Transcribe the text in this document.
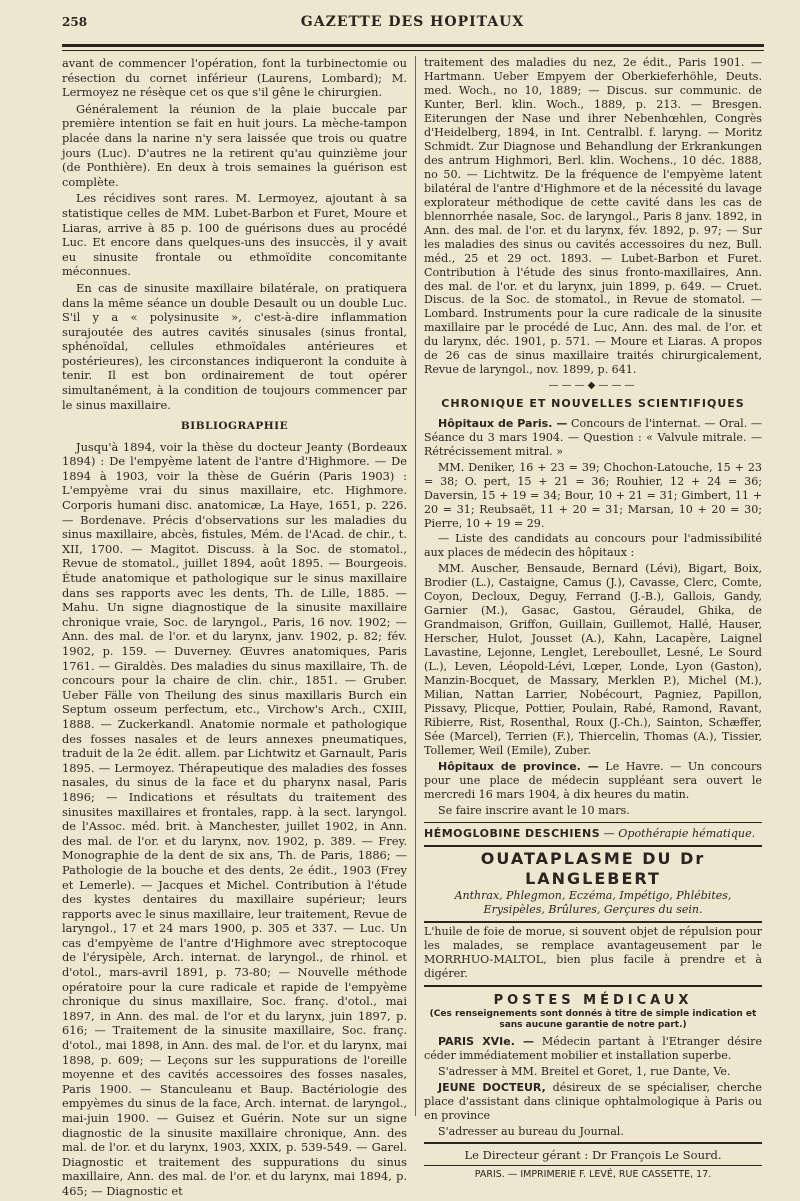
258	GAZETTE DES HOPITAUX

avant de commencer l'opération, font la turbinectomie ou résection du cornet inférieur (Laurens, Lombard); M. Lermoyez ne résèque cet os que s'il gêne le chirurgien.

Généralement la réunion de la plaie buccale par première intention se fait en huit jours. La mèche-tampon placée dans la narine n'y sera laissée que trois ou quatre jours (Luc). D'autres ne la retirent qu'au quinzième jour (de Ponthière). En deux à trois semaines la guérison est complète.

Les récidives sont rares. M. Lermoyez, ajoutant à sa statistique celles de MM. Lubet-Barbon et Furet, Moure et Liaras, arrive à 85 p. 100 de guérisons dues au procédé Luc. Et encore dans quelques-uns des insuccès, il y avait eu sinusite frontale ou ethmoïdite concomitante méconnues.

En cas de sinusite maxillaire bilatérale, on pratiquera dans la même séance un double Desault ou un double Luc. S'il y a « polysinusite », c'est-à-dire inflammation surajoutée des autres cavités sinusales (sinus frontal, sphénoïdal, cellules ethmoïdales antérieures et postérieures), les circonstances indiqueront la conduite à tenir. Il est bon ordinairement de tout opérer simultanément, à la condition de toujours commencer par le sinus maxillaire.

BIBLIOGRAPHIE

Jusqu'à 1894, voir la thèse du docteur Jeanty (Bordeaux 1894) : De l'empyème latent de l'antre d'Highmore. — De 1894 à 1903, voir la thèse de Guérin (Paris 1903) : L'empyème vrai du sinus maxillaire, etc. Highmore. Corporis humani disc. anatomicæ, La Haye, 1651, p. 226. — Bordenave. Précis d'observations sur les maladies du sinus maxillaire, abcès, fistules, Mém. de l'Acad. de chir., t. XII, 1700. — Magitot. Discuss. à la Soc. de stomatol., Revue de stomatol., juillet 1894, août 1895. — Bourgeois. Étude anatomique et pathologique sur le sinus maxillaire dans ses rapports avec les dents, Th. de Lille, 1885. — Mahu. Un signe diagnostique de la sinusite maxillaire chronique vraie, Soc. de laryngol., Paris, 16 nov. 1902; — Ann. des mal. de l'or. et du larynx, janv. 1902, p. 82; fév. 1902, p. 159. — Duverney. Œuvres anatomiques, Paris 1761. — Giraldès. Des maladies du sinus maxillaire, Th. de concours pour la chaire de clin. chir., 1851. — Gruber. Ueber Fälle von Theilung des sinus maxillaris Burch ein Septum osseum perfectum, etc., Virchow's Arch., CXIII, 1888. — Zuckerkandl. Anatomie normale et pathologique des fosses nasales et de leurs annexes pneumatiques, traduit de la 2e édit. allem. par Lichtwitz et Garnault, Paris 1895. — Lermoyez. Thérapeutique des maladies des fosses nasales, du sinus de la face et du pharynx nasal, Paris 1896; — Indications et résultats du traitement des sinusites maxillaires et frontales, rapp. à la sect. laryngol. de l'Assoc. méd. brit. à Manchester, juillet 1902, in Ann. des mal. de l'or. et du larynx, nov. 1902, p. 389. — Frey. Monographie de la dent de six ans, Th. de Paris, 1886; — Pathologie de la bouche et des dents, 2e édit., 1903 (Frey et Lemerle). — Jacques et Michel. Contribution à l'étude des kystes dentaires du maxillaire supérieur; leurs rapports avec le sinus maxillaire, leur traitement, Revue de laryngol., 17 et 24 mars 1900, p. 305 et 337. — Luc. Un cas d'empyème de l'antre d'Highmore avec streptocoque de l'érysipèle, Arch. internat. de laryngol., de rhinol. et d'otol., mars-avril 1891, p. 73-80; — Nouvelle méthode opératoire pour la cure radicale et rapide de l'empyème chronique du sinus maxillaire, Soc. franç. d'otol., mai 1897, in Ann. des mal. de l'or et du larynx, juin 1897, p. 616; — Traitement de la sinusite maxillaire, Soc. franç. d'otol., mai 1898, in Ann. des mal. de l'or. et du larynx, mai 1898, p. 609; — Leçons sur les suppurations de l'oreille moyenne et des cavités accessoires des fosses nasales, Paris 1900. — Stanculeanu et Baup. Bactériologie des empyèmes du sinus de la face, Arch. internat. de laryngol., mai-juin 1900. — Guisez et Guérin. Note sur un signe diagnostic de la sinusite maxillaire chronique, Ann. des mal. de l'or. et du larynx, 1903, XXIX, p. 539-549. — Garel. Diagnostic et traitement des suppurations du sinus maxillaire, Ann. des mal. de l'or. et du larynx, mai 1894, p. 465; — Diagnostic et

traitement des maladies du nez, 2e édit., Paris 1901. — Hartmann. Ueber Empyem der Oberkieferhöhle, Deuts. med. Woch., no 10, 1889; — Discus. sur communic. de Kunter, Berl. klin. Woch., 1889, p. 213. — Bresgen. Eiterungen der Nase und ihrer Nebenhœhlen, Congrès d'Heidelberg, 1894, in Int. Centralbl. f. laryng. — Moritz Schmidt. Zur Diagnose und Behandlung der Erkrankungen des antrum Highmori, Berl. klin. Wochens., 10 déc. 1888, no 50. — Lichtwitz. De la fréquence de l'empyème latent bilatéral de l'antre d'Highmore et de la nécessité du lavage explorateur méthodique de cette cavité dans les cas de blennorrhée nasale, Soc. de laryngol., Paris 8 janv. 1892, in Ann. des mal. de l'or. et du larynx, fév. 1892, p. 97; — Sur les maladies des sinus ou cavités accessoires du nez, Bull. méd., 25 et 29 oct. 1893. — Lubet-Barbon et Furet. Contribution à l'étude des sinus fronto-maxillaires, Ann. des mal. de l'or. et du larynx, juin 1899, p. 649. — Cruet. Discus. de la Soc. de stomatol., in Revue de stomatol. — Lombard. Instruments pour la cure radicale de la sinusite maxillaire par le procédé de Luc, Ann. des mal. de l'or. et du larynx, déc. 1901, p. 571. — Moure et Liaras. A propos de 26 cas de sinus maxillaire traités chirurgicalement, Revue de laryngol., nov. 1899, p. 641.

———◆———
CHRONIQUE ET NOUVELLES SCIENTIFIQUES

Hôpitaux de Paris. — Concours de l'internat. — Oral. — Séance du 3 mars 1904. — Question : « Valvule mitrale. — Rétrécissement mitral. »

MM. Deniker, 16 + 23 = 39; Chochon-Latouche, 15 + 23 = 38; O. pert, 15 + 21 = 36; Rouhier, 12 + 24 = 36; Daversin, 15 + 19 = 34; Bour, 10 + 21 = 31; Gimbert, 11 + 20 = 31; Reubsaët, 11 + 20 = 31; Marsan, 10 + 20 = 30; Pierre, 10 + 19 = 29.

— Liste des candidats au concours pour l'admissibilité aux places de médecin des hôpitaux :

MM. Auscher, Bensaude, Bernard (Lévi), Bigart, Boix, Brodier (L.), Castaigne, Camus (J.), Cavasse, Clerc, Comte, Coyon, Decloux, Deguy, Ferrand (J.-B.), Gallois, Gandy, Garnier (M.), Gasac, Gastou, Géraudel, Ghika, de Grandmaison, Griffon, Guillain, Guillemot, Hallé, Hauser, Herscher, Hulot, Jousset (A.), Kahn, Lacapère, Laignel Lavastine, Lejonne, Lenglet, Lereboullet, Lesné, Le Sourd (L.), Leven, Léopold-Lévi, Lœper, Londe, Lyon (Gaston), Manzin-Bocquet, de Massary, Merklen P.), Michel (M.), Milian, Nattan Larrier, Nobécourt, Pagniez, Papillon, Pissavy, Plicque, Pottier, Poulain, Rabé, Ramond, Ravant, Ribierre, Rist, Rosenthal, Roux (J.-Ch.), Sainton, Schæffer, Sée (Marcel), Terrien (F.), Thiercelin, Thomas (A.), Tissier, Tollemer, Weil (Emile), Zuber.

Hôpitaux de province. — Le Havre. — Un concours pour une place de médecin suppléant sera ouvert le mercredi 16 mars 1904, à dix heures du matin.

Se faire inscrire avant le 10 mars.

HÉMOGLOBINE DESCHIENS — Opothérapie hématique.
OUATAPLASME DU Dr LANGLEBERT
Anthrax, Phlegmon, Eczéma, Impétigo, Phlébites, Erysipèles, Brûlures, Gerçures du sein.

L'huile de foie de morue, si souvent objet de répulsion pour les malades, se remplace avantageusement par le MORRHUO-MALTOL, bien plus facile à prendre et à digérer.

POSTES MÉDICAUX
(Ces renseignements sont donnés à titre de simple indication et sans aucune garantie de notre part.)

PARIS XVIe. — Médecin partant à l'Etranger désire céder immédiatement mobilier et installation superbe.

S'adresser à MM. Breitel et Goret, 1, rue Dante, Ve.

JEUNE DOCTEUR, désireux de se spécialiser, cherche place d'assistant dans clinique ophtalmologique à Paris ou en province

S'adresser au bureau du Journal.

Le Directeur gérant : Dr François Le Sourd.
PARIS. — IMPRIMERIE F. LEVÉ, RUE CASSETTE, 17.
